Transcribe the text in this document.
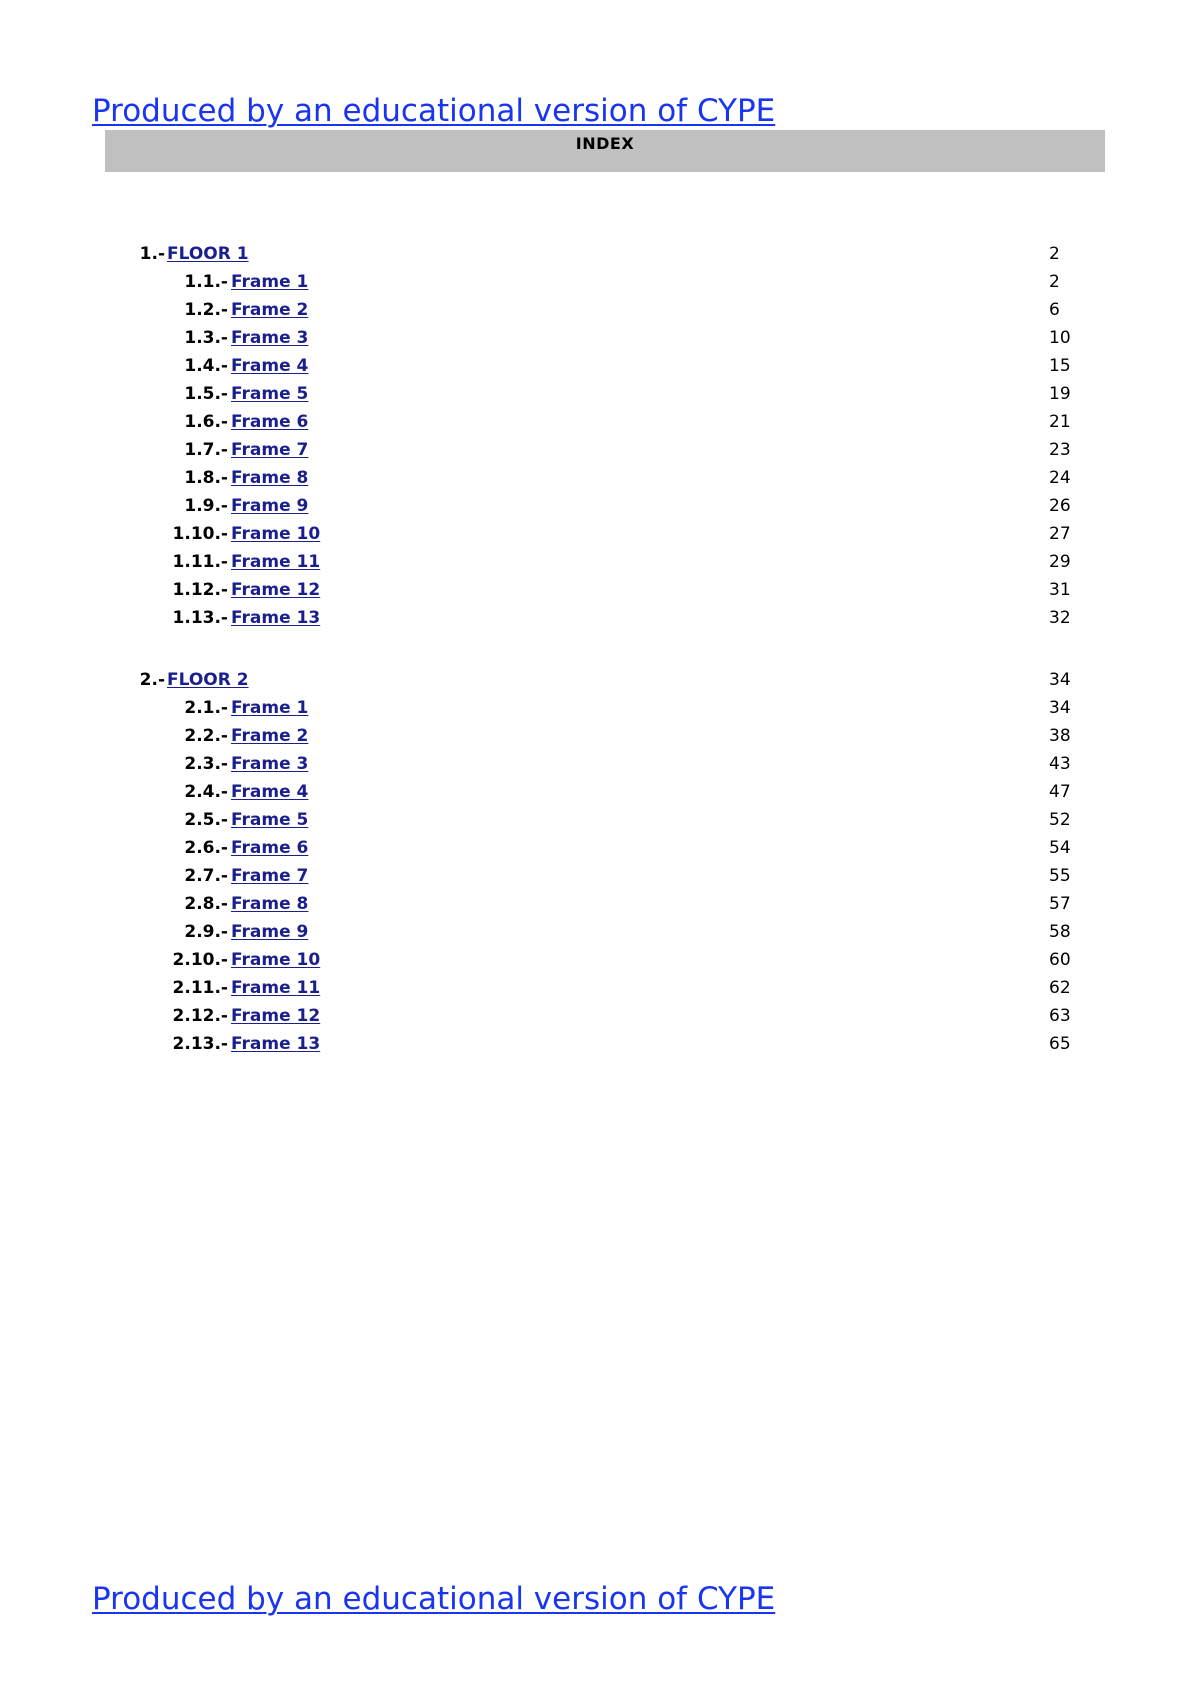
Produced by an educational version of CYPE
INDEX
1.- FLOOR 1	2
1.1.- Frame 1	2
1.2.- Frame 2	6
1.3.- Frame 3	10
1.4.- Frame 4	15
1.5.- Frame 5	19
1.6.- Frame 6	21
1.7.- Frame 7	23
1.8.- Frame 8	24
1.9.- Frame 9	26
1.10.- Frame 10	27
1.11.- Frame 11	29
1.12.- Frame 12	31
1.13.- Frame 13	32
2.- FLOOR 2	34
2.1.- Frame 1	34
2.2.- Frame 2	38
2.3.- Frame 3	43
2.4.- Frame 4	47
2.5.- Frame 5	52
2.6.- Frame 6	54
2.7.- Frame 7	55
2.8.- Frame 8	57
2.9.- Frame 9	58
2.10.- Frame 10	60
2.11.- Frame 11	62
2.12.- Frame 12	63
2.13.- Frame 13	65
Produced by an educational version of CYPE
